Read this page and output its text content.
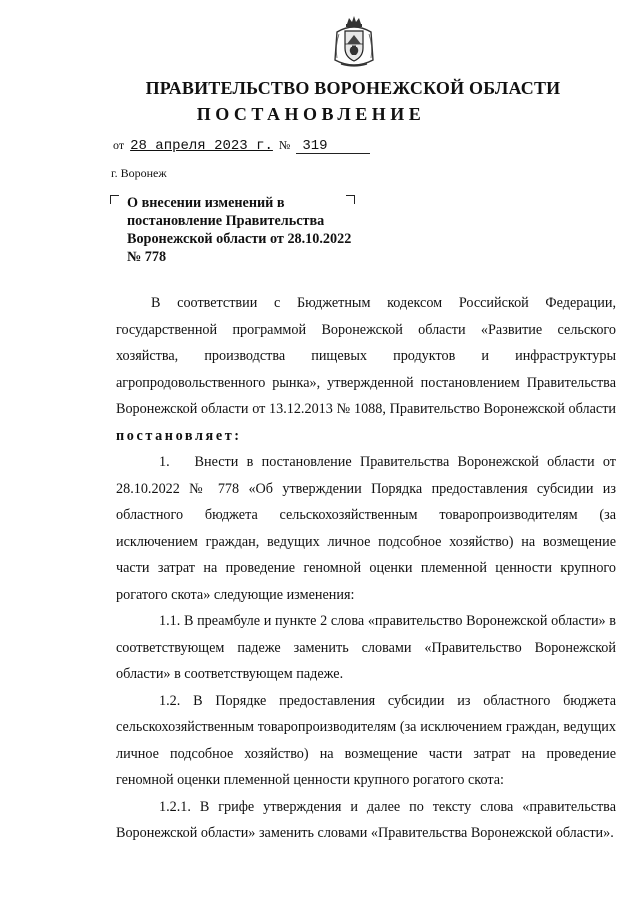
ПРАВИТЕЛЬСТВО ВОРОНЕЖСКОЙ ОБЛАСТИ
ПОСТАНОВЛЕНИЕ
от 28 апреля 2023 г. № 319
г. Воронеж

О внесении изменений в постановление Правительства Воронежской области от 28.10.2022 № 778

В соответствии с Бюджетным кодексом Российской Федерации, государственной программой Воронежской области «Развитие сельского хозяйства, производства пищевых продуктов и инфраструктуры агропродовольственного рынка», утвержденной постановлением Правительства Воронежской области от 13.12.2013 № 1088, Правительство Воронежской области постановляет:

1.   Внести в постановление Правительства Воронежской области от 28.10.2022 № 778 «Об утверждении Порядка предоставления субсидии из областного бюджета сельскохозяйственным товаропроизводителям (за исключением граждан, ведущих личное подсобное хозяйство) на возмещение части затрат на проведение геномной оценки племенной ценности крупного рогатого скота» следующие изменения:

1.1. В преамбуле и пункте 2 слова «правительство Воронежской области» в соответствующем падеже заменить словами «Правительство Воронежской области» в соответствующем падеже.

1.2. В Порядке предоставления субсидии из областного бюджета сельскохозяйственным товаропроизводителям (за исключением граждан, ведущих личное подсобное хозяйство) на возмещение части затрат на проведение геномной оценки племенной ценности крупного рогатого скота:

1.2.1. В грифе утверждения и далее по тексту слова «правительства Воронежской области» заменить словами «Правительства Воронежской области».
